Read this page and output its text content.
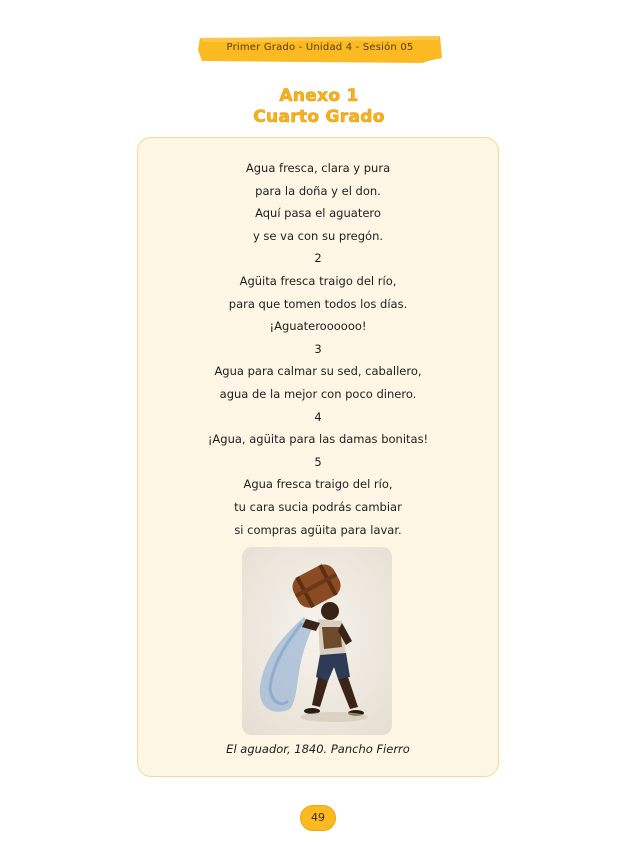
Primer Grado - Unidad 4 - Sesión 05
Anexo 1
Cuarto Grado
Agua fresca, clara y pura
para la doña y el don.
Aquí pasa el aguatero
y se va con su pregón.
2
Agüita fresca traigo del río,
para que tomen todos los días.
¡Aguateroooooo!
3
Agua para calmar su sed, caballero,
agua de la mejor con poco dinero.
4
¡Agua, agüita para las damas bonitas!
5
Agua fresca traigo del río,
tu cara sucia podrás cambiar
si compras agüita para lavar.
El aguador, 1840. Pancho Fierro
49
